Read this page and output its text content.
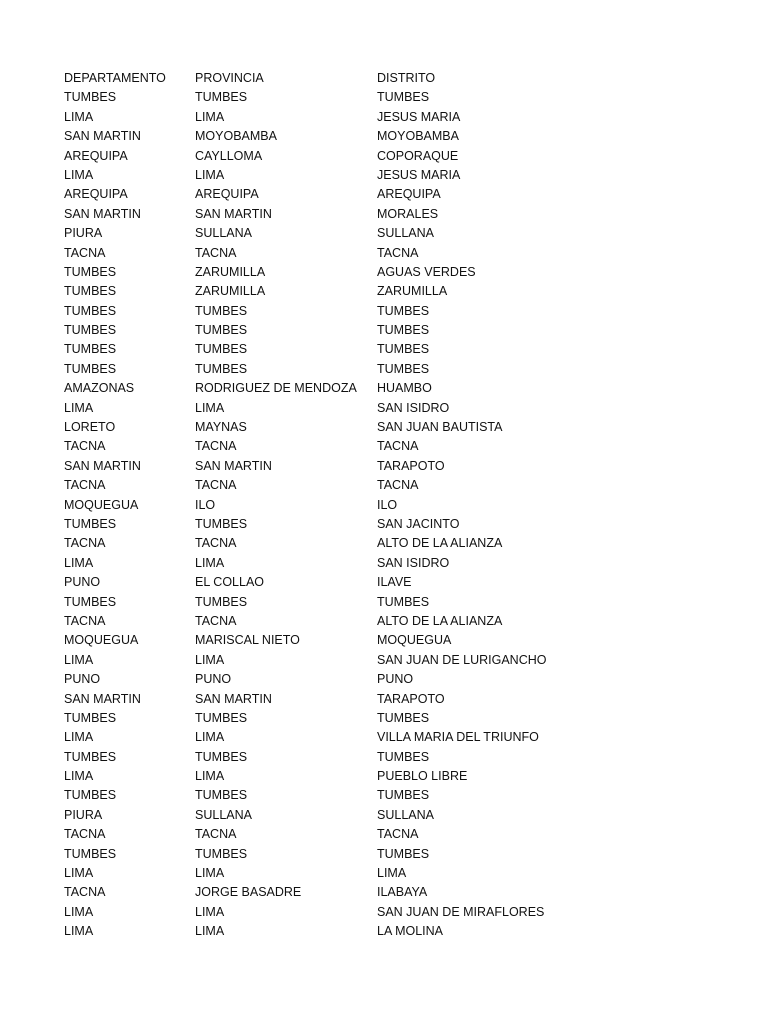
DEPARTAMENTO	PROVINCIA	DISTRITO
TUMBES	TUMBES	TUMBES
LIMA	LIMA	JESUS MARIA
SAN MARTIN	MOYOBAMBA	MOYOBAMBA
AREQUIPA	CAYLLOMA	COPORAQUE
LIMA	LIMA	JESUS MARIA
AREQUIPA	AREQUIPA	AREQUIPA
SAN MARTIN	SAN MARTIN	MORALES
PIURA	SULLANA	SULLANA
TACNA	TACNA	TACNA
TUMBES	ZARUMILLA	AGUAS VERDES
TUMBES	ZARUMILLA	ZARUMILLA
TUMBES	TUMBES	TUMBES
TUMBES	TUMBES	TUMBES
TUMBES	TUMBES	TUMBES
TUMBES	TUMBES	TUMBES
AMAZONAS	RODRIGUEZ DE MENDOZA	HUAMBO
LIMA	LIMA	SAN ISIDRO
LORETO	MAYNAS	SAN JUAN BAUTISTA
TACNA	TACNA	TACNA
SAN MARTIN	SAN MARTIN	TARAPOTO
TACNA	TACNA	TACNA
MOQUEGUA	ILO	ILO
TUMBES	TUMBES	SAN JACINTO
TACNA	TACNA	ALTO DE LA ALIANZA
LIMA	LIMA	SAN ISIDRO
PUNO	EL COLLAO	ILAVE
TUMBES	TUMBES	TUMBES
TACNA	TACNA	ALTO DE LA ALIANZA
MOQUEGUA	MARISCAL NIETO	MOQUEGUA
LIMA	LIMA	SAN JUAN DE LURIGANCHO
PUNO	PUNO	PUNO
SAN MARTIN	SAN MARTIN	TARAPOTO
TUMBES	TUMBES	TUMBES
LIMA	LIMA	VILLA MARIA DEL TRIUNFO
TUMBES	TUMBES	TUMBES
LIMA	LIMA	PUEBLO LIBRE
TUMBES	TUMBES	TUMBES
PIURA	SULLANA	SULLANA
TACNA	TACNA	TACNA
TUMBES	TUMBES	TUMBES
LIMA	LIMA	LIMA
TACNA	JORGE BASADRE	ILABAYA
LIMA	LIMA	SAN JUAN DE MIRAFLORES
LIMA	LIMA	LA MOLINA
